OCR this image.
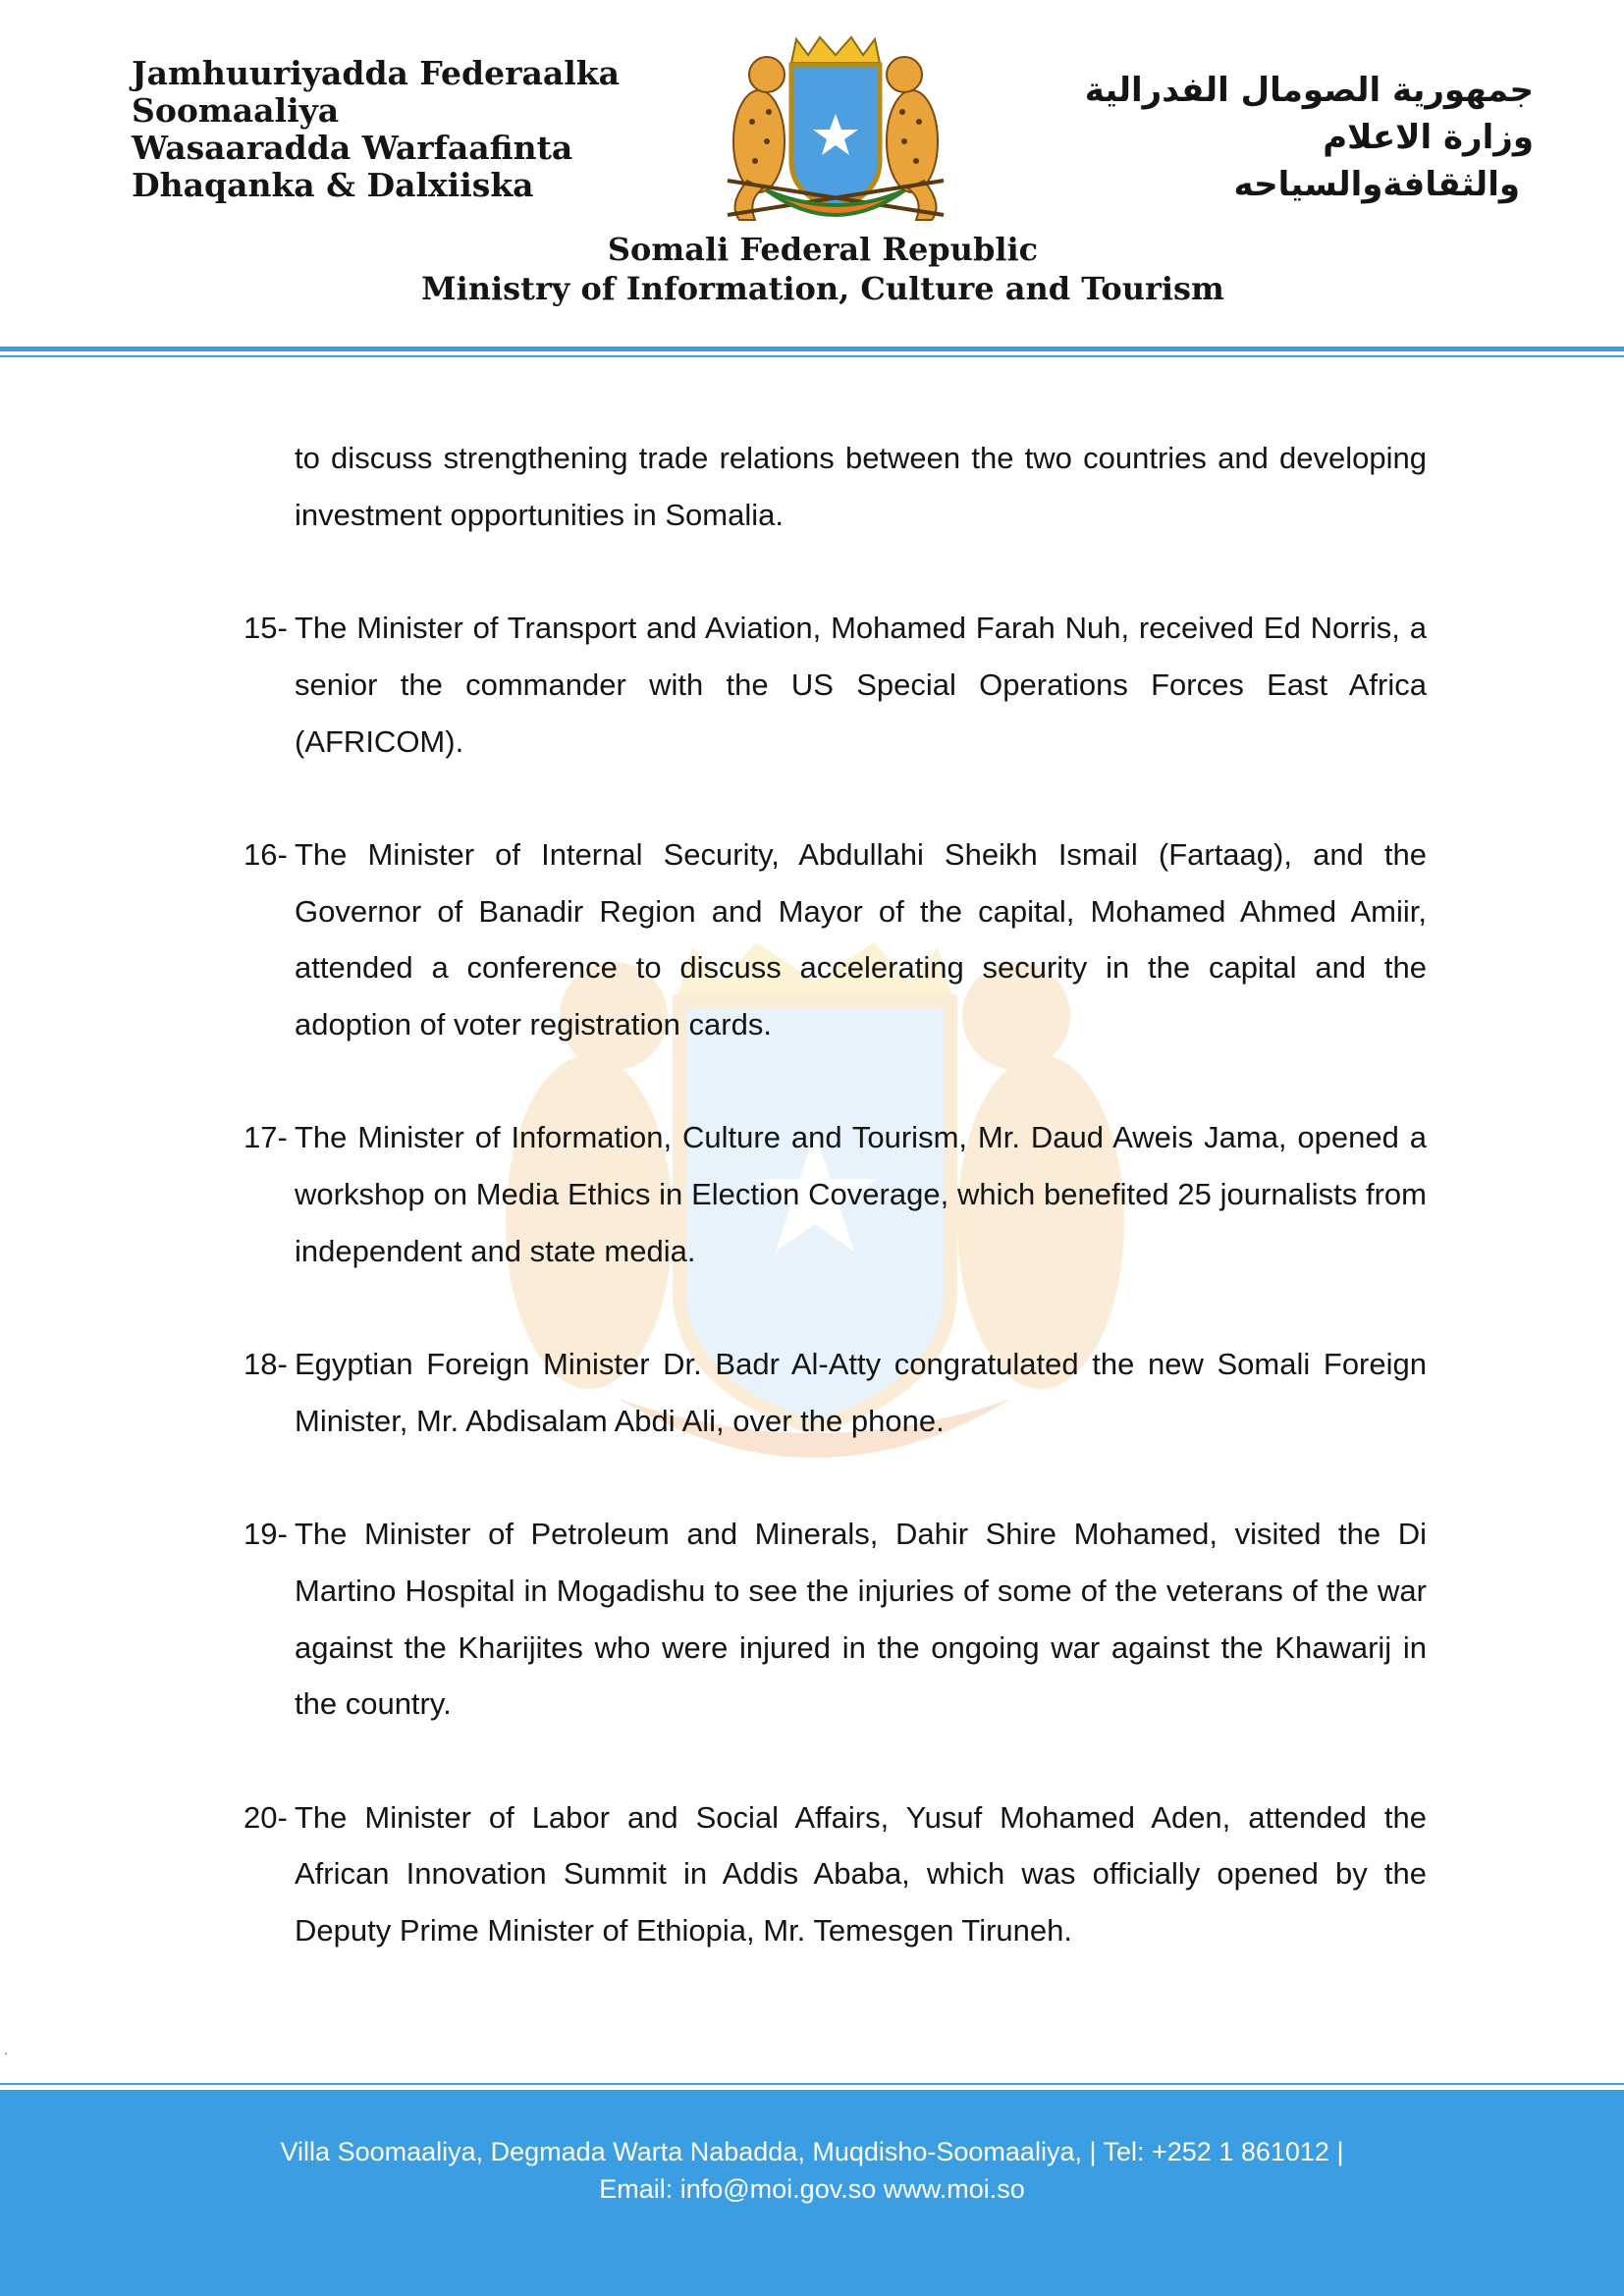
Jamhuuriyadda Federaalka
Soomaaliya
Wasaaradda Warfaafinta
Dhaqanka & Dalxiiska
جمهورية الصومال الفدرالية
وزارة الاعلام
والثقافةوالسياحه
Somali Federal Republic
Ministry of Information, Culture and Tourism
to discuss strengthening trade relations between the two countries and developing investment opportunities in Somalia.
15- The Minister of Transport and Aviation, Mohamed Farah Nuh, received Ed Norris, a senior the commander with the US Special Operations Forces East Africa (AFRICOM).
16- The Minister of Internal Security, Abdullahi Sheikh Ismail (Fartaag), and the Governor of Banadir Region and Mayor of the capital, Mohamed Ahmed Amiir, attended a conference to discuss accelerating security in the capital and the adoption of voter registration cards.
17- The Minister of Information, Culture and Tourism, Mr. Daud Aweis Jama, opened a workshop on Media Ethics in Election Coverage, which benefited 25 journalists from independent and state media.
18- Egyptian Foreign Minister Dr. Badr Al-Atty congratulated the new Somali Foreign Minister, Mr. Abdisalam Abdi Ali, over the phone.
19- The Minister of Petroleum and Minerals, Dahir Shire Mohamed, visited the Di Martino Hospital in Mogadishu to see the injuries of some of the veterans of the war against the Kharijites who were injured in the ongoing war against the Khawarij in the country.
20- The Minister of Labor and Social Affairs, Yusuf Mohamed Aden, attended the African Innovation Summit in Addis Ababa, which was officially opened by the Deputy Prime Minister of Ethiopia, Mr. Temesgen Tiruneh.
.
Villa Soomaaliya, Degmada Warta Nabadda, Muqdisho-Soomaaliya, | Tel: +252 1 861012 |
Email: info@moi.gov.so www.moi.so
